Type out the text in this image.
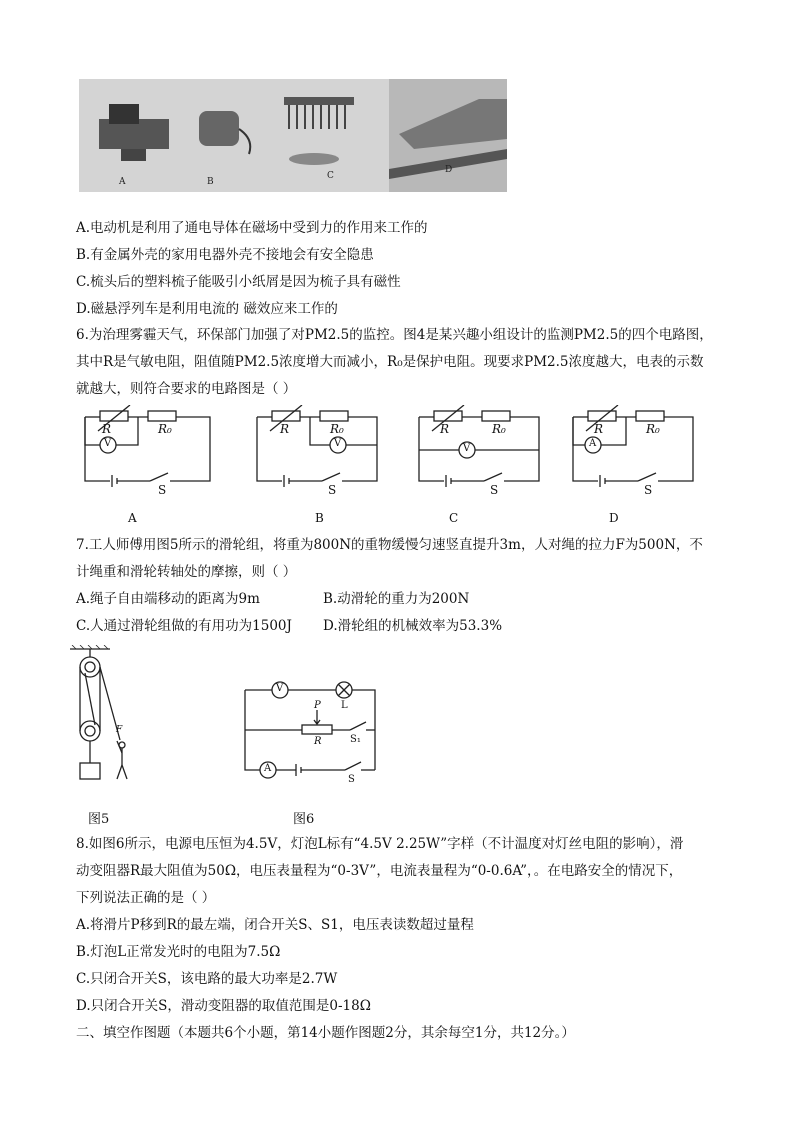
A	B
C
D
A.电动机是利用了通电导体在磁场中受到力的作用来工作的
B.有金属外壳的家用电器外壳不接地会有安全隐患
C.梳头后的塑料梳子能吸引小纸屑是因为梳子具有磁性
D.磁悬浮列车是利用电流的 磁效应来工作的
6.为治理雾霾天气，环保部门加强了对PM2.5的监控。图4是某兴趣小组设计的监测PM2.5的四个电路图，
其中R是气敏电阻，阻值随PM2.5浓度增大而减小，R₀是保护电阻。现要求PM2.5浓度越大，电表的示数
就越大，则符合要求的电路图是（ ）
R	R₀
V
S
R	R₀
V
S
R	R₀
V
S
R	R₀
A
S
A	B	C	D
7.工人师傅用图5所示的滑轮组，将重为800N的重物缓慢匀速竖直提升3m，人对绳的拉力F为500N，不
计绳重和滑轮转轴处的摩擦，则（ ）
A.绳子自由端移动的距离为9m	B.动滑轮的重力为200N
C.人通过滑轮组做的有用功为1500J D.滑轮组的机械效率为53.3%
F
图5
V
L
P
R	S₁
A
S
图6
8.如图6所示，电源电压恒为4.5V，灯泡L标有“4.5V 2.25W”字样（不计温度对灯丝电阻的影响），滑
动变阻器R最大阻值为50Ω，电压表量程为“0-3V”，电流表量程为“0-0.6A”，。在电路安全的情况下，
下列说法正确的是（ ）
A.将滑片P移到R的最左端，闭合开关S、S1，电压表读数超过量程
B.灯泡L正常发光时的电阻为7.5Ω
C.只闭合开关S，该电路的最大功率是2.7W
D.只闭合开关S，滑动变阻器的取值范围是0-18Ω
二、填空作图题（本题共6个小题，第14小题作图题2分，其余每空1分，共12分。）
